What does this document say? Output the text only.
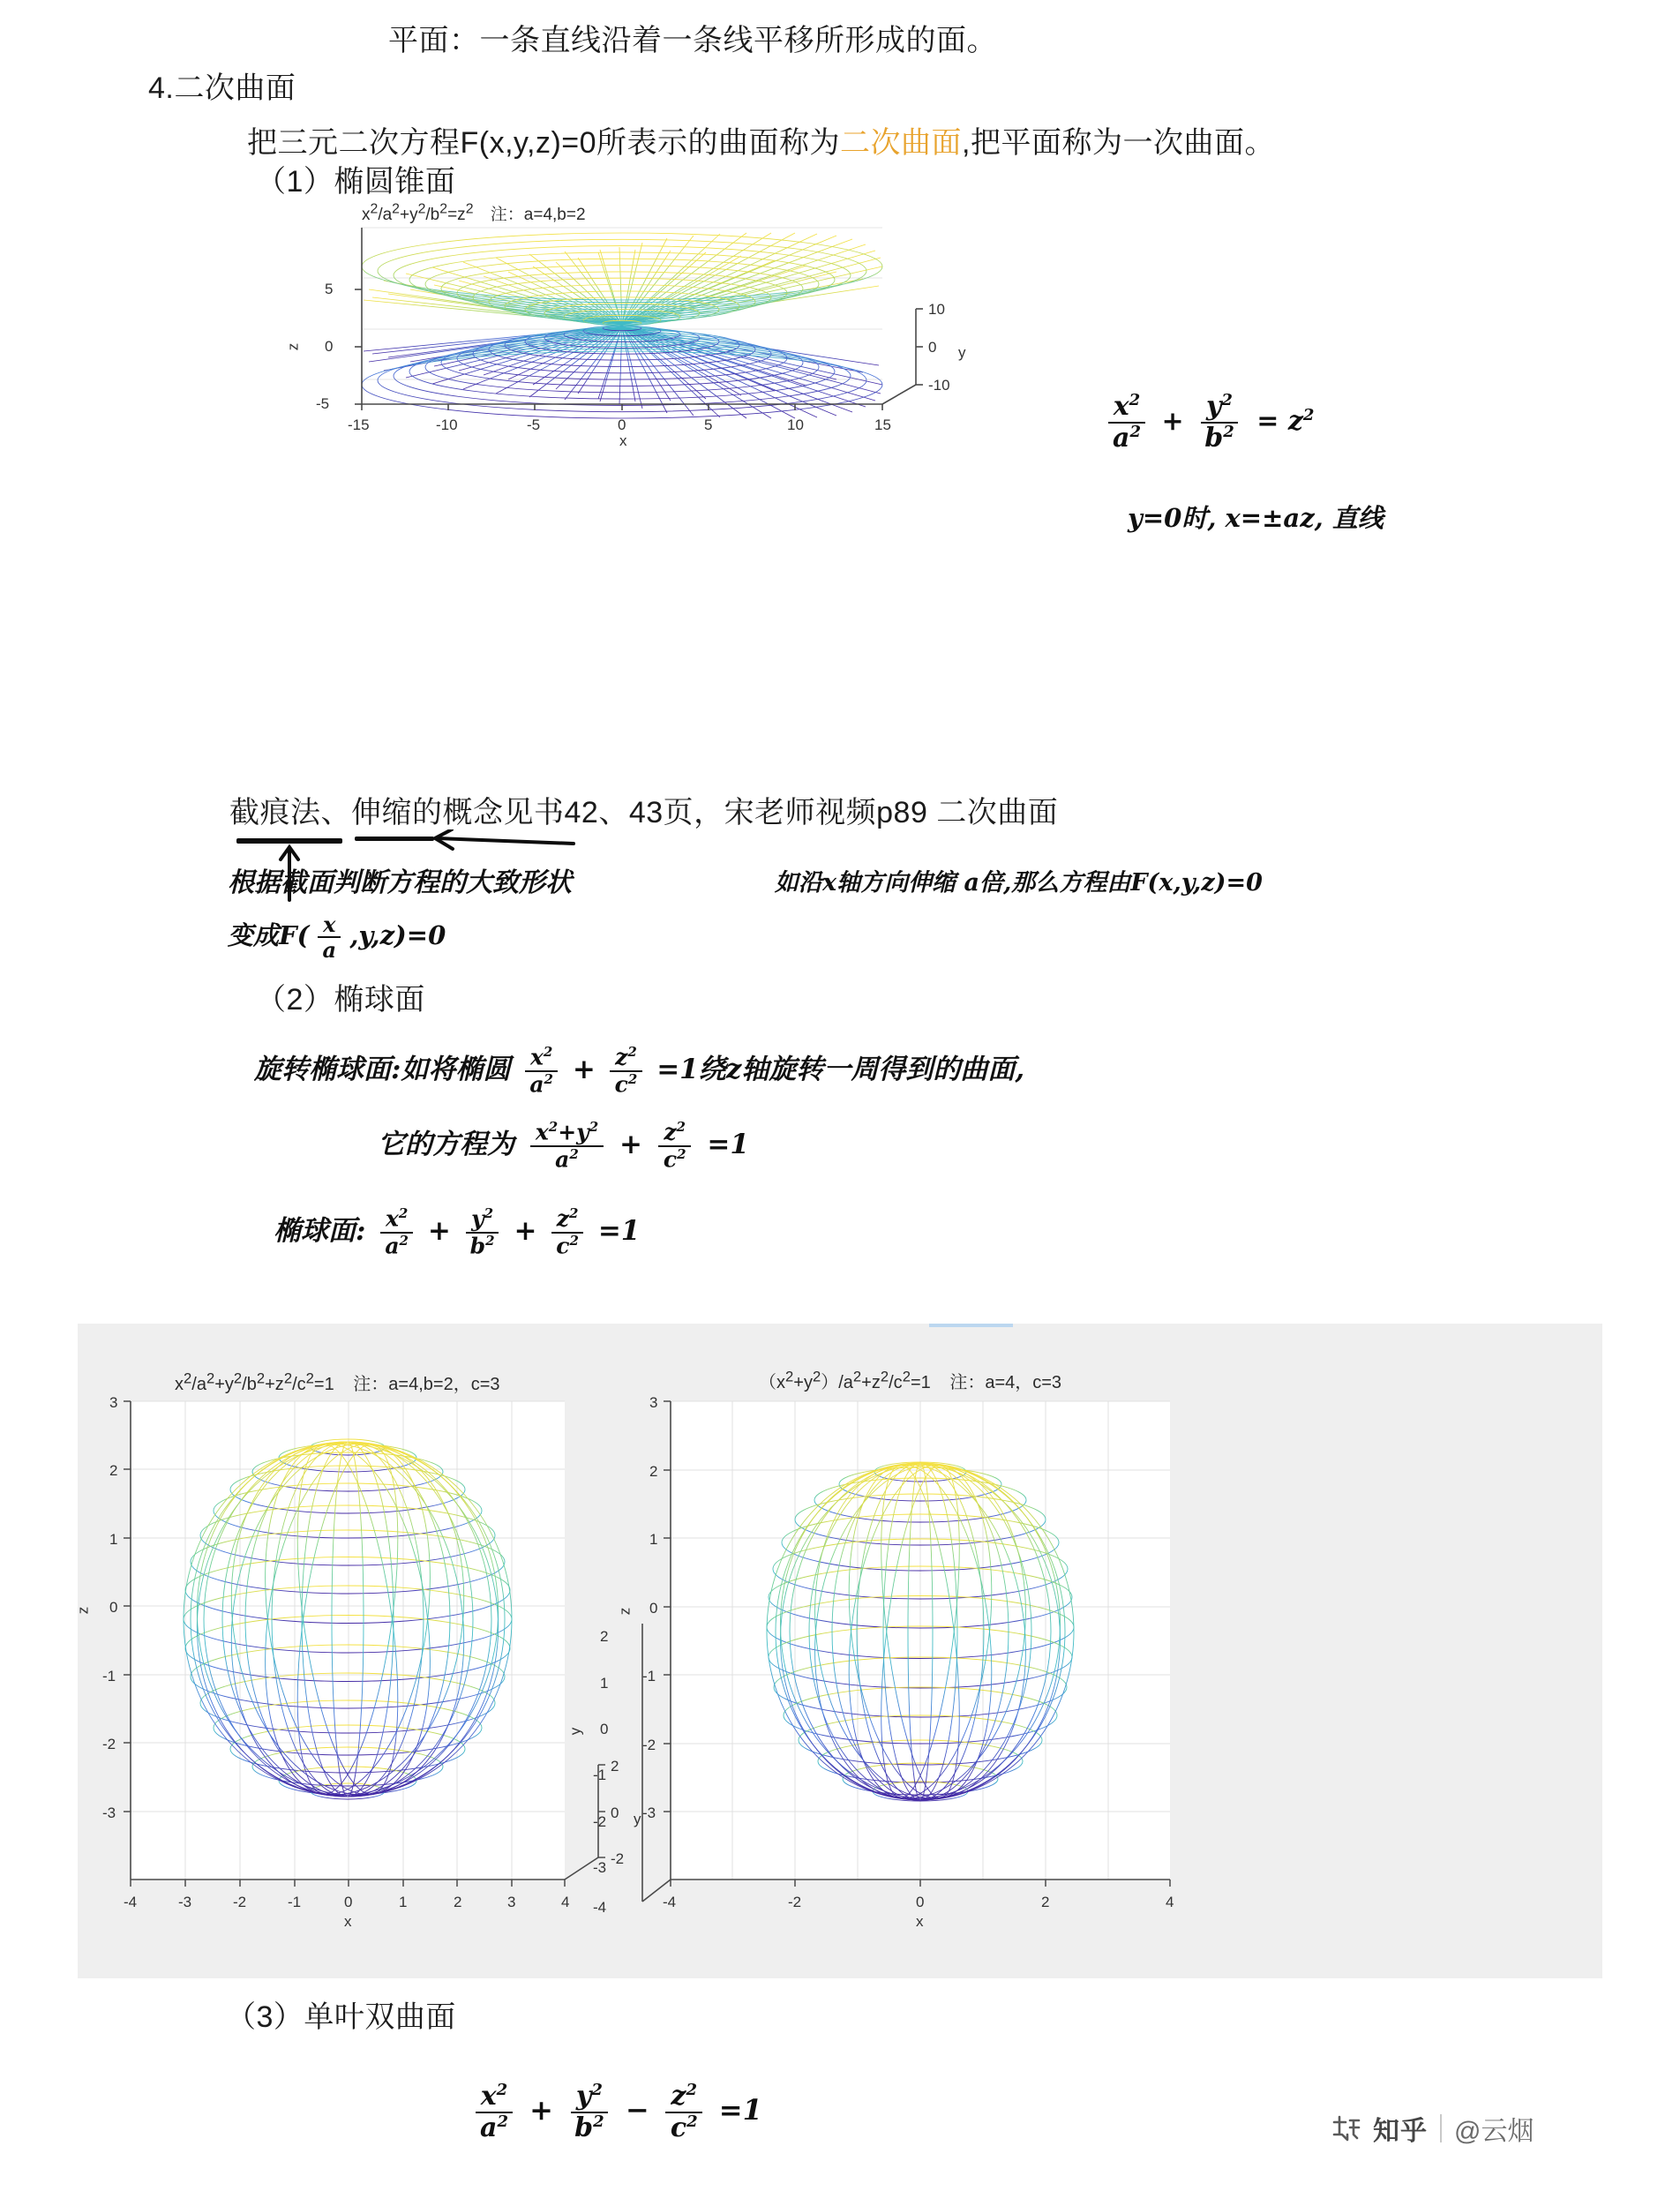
平面：一条直线沿着一条线平移所形成的面。
4.二次曲面
把三元二次方程F(x,y,z)=0所表示的曲面称为二次曲面,把平面称为一次曲面。
（1）椭圆锥面
$x^2/a^2+y^2/b^2=z^2$ 注：a=4,b=2
5
0
-5
z
-15	-10	-5	0	5	10	15
x
10
0
-10
y
$\frac{x^2}{a^2} + \frac{y^2}{b^2} = z^2$
y=0时, x=±az, 直线
截痕法、伸缩的概念见书42、43页，宋老师视频p89 二次曲面
根据截面判断方程的大致形状	如沿x轴方向伸缩 a倍,那么方程由F(x,y,z)=0
变成$F( \frac{x}{a} ,y,z)=0$
（2）椭球面
旋转椭球面:如将椭圆 $\frac{x^2}{a^2} + \frac{z^2}{c^2} =1$绕z轴旋转一周得到的曲面,
它的方程为 $\frac{x^2+y^2}{a^2} + \frac{z^2}{c^2} =1$
椭球面: $\frac{x^2}{a^2} + \frac{y^2}{b^2} + \frac{z^2}{c^2} =1$
$x^2/a^2+y^2/b^2+z^2/c^2=1$ 注：a=4,b=2，c=3
3
2
1
0
-1
-2
-3
z
-4	-3	-2	-1	0	1	2	3	4
x
2
0
-2
y
$(x^2+y^2)/a^2+z^2/c^2=1$ 注：a=4，c=3
3
2
1
0
-1
-2
-3
z
-4	-2	0	2	4
x
2
1
0
-1
-2
-3
-4
y
（3）单叶双曲面
$\frac{x^2}{a^2} + \frac{y^2}{b^2} - \frac{z^2}{c^2} =1$
知乎 @云烟
